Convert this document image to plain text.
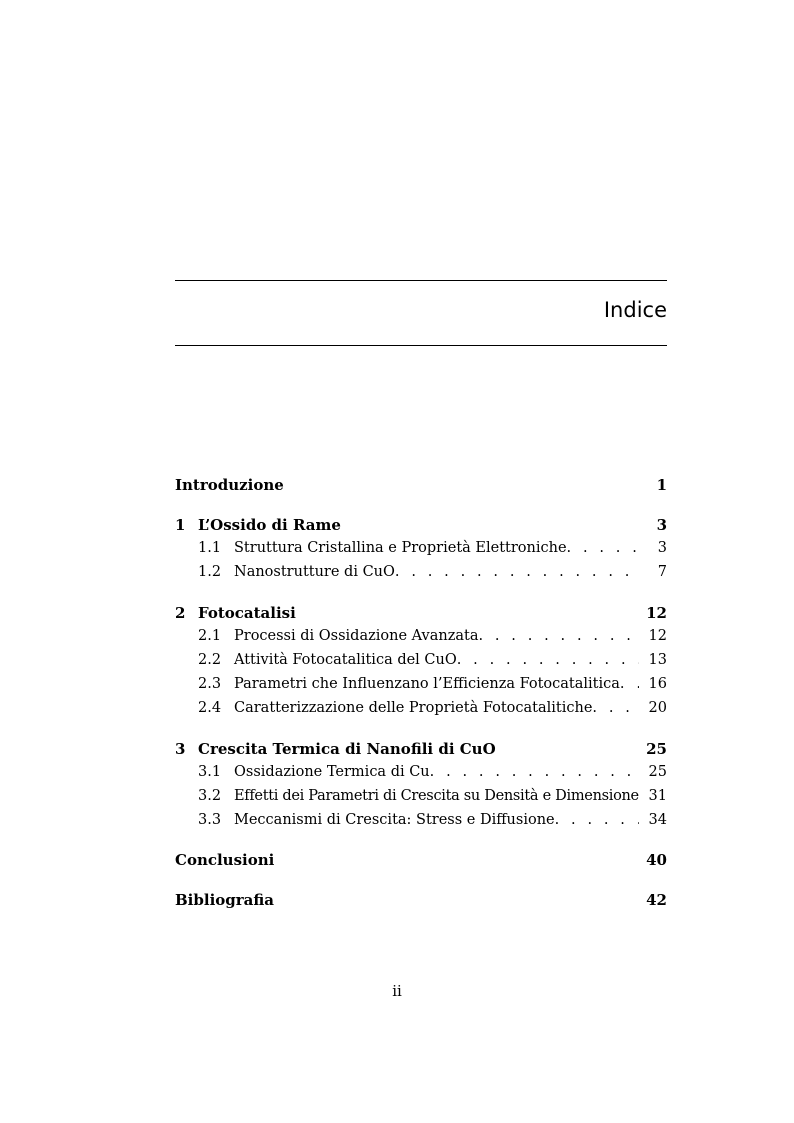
Indice
Introduzione	1
1 L’Ossido di Rame	3
1.1 Struttura Cristallina e Proprietà Elettroniche . . .	3
1.2 Nanostrutture di CuO . . .	7
2 Fotocatalisi	12
2.1 Processi di Ossidazione Avanzata . . .	12
2.2 Attività Fotocatalitica del CuO . . .	13
2.3 Parametri che Influenzano l’Efficienza Fotocatalitica . . .	16
2.4 Caratterizzazione delle Proprietà Fotocatalitiche . . .	20
3 Crescita Termica di Nanofili di CuO	25
3.1 Ossidazione Termica di Cu . . .	25
3.2 Effetti dei Parametri di Crescita su Densità e Dimensione 31
3.3 Meccanismi di Crescita: Stress e Diffusione . . .	34
Conclusioni	40
Bibliografia	42
ii
